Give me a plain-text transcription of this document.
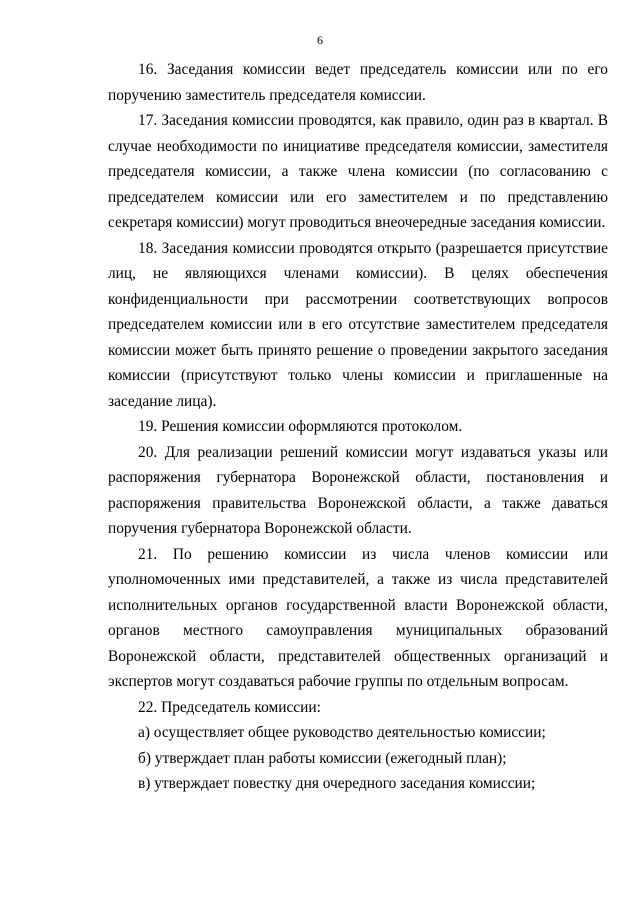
6

16. Заседания комиссии ведет председатель комиссии или по его поручению заместитель председателя комиссии.

17. Заседания комиссии проводятся, как правило, один раз в квартал. В случае необходимости по инициативе председателя комиссии, заместителя председателя комиссии, а также члена комиссии (по согласованию с председателем комиссии или его заместителем и по представлению секретаря комиссии) могут проводиться внеочередные заседания комиссии.

18. Заседания комиссии проводятся открыто (разрешается присутствие лиц, не являющихся членами комиссии). В целях обеспечения конфиденциальности при рассмотрении соответствующих вопросов председателем комиссии или в его отсутствие заместителем председателя комиссии может быть принято решение о проведении закрытого заседания комиссии (присутствуют только члены комиссии и приглашенные на заседание лица).

19. Решения комиссии оформляются протоколом.

20. Для реализации решений комиссии могут издаваться указы или распоряжения губернатора Воронежской области, постановления и распоряжения правительства Воронежской области, а также даваться поручения губернатора Воронежской области.

21. По решению комиссии из числа членов комиссии или уполномоченных ими представителей, а также из числа представителей исполнительных органов государственной власти Воронежской области, органов местного самоуправления муниципальных образований Воронежской области, представителей общественных организаций и экспертов могут создаваться рабочие группы по отдельным вопросам.

22. Председатель комиссии:

а) осуществляет общее руководство деятельностью комиссии;

б) утверждает план работы комиссии (ежегодный план);

в) утверждает повестку дня очередного заседания комиссии;
